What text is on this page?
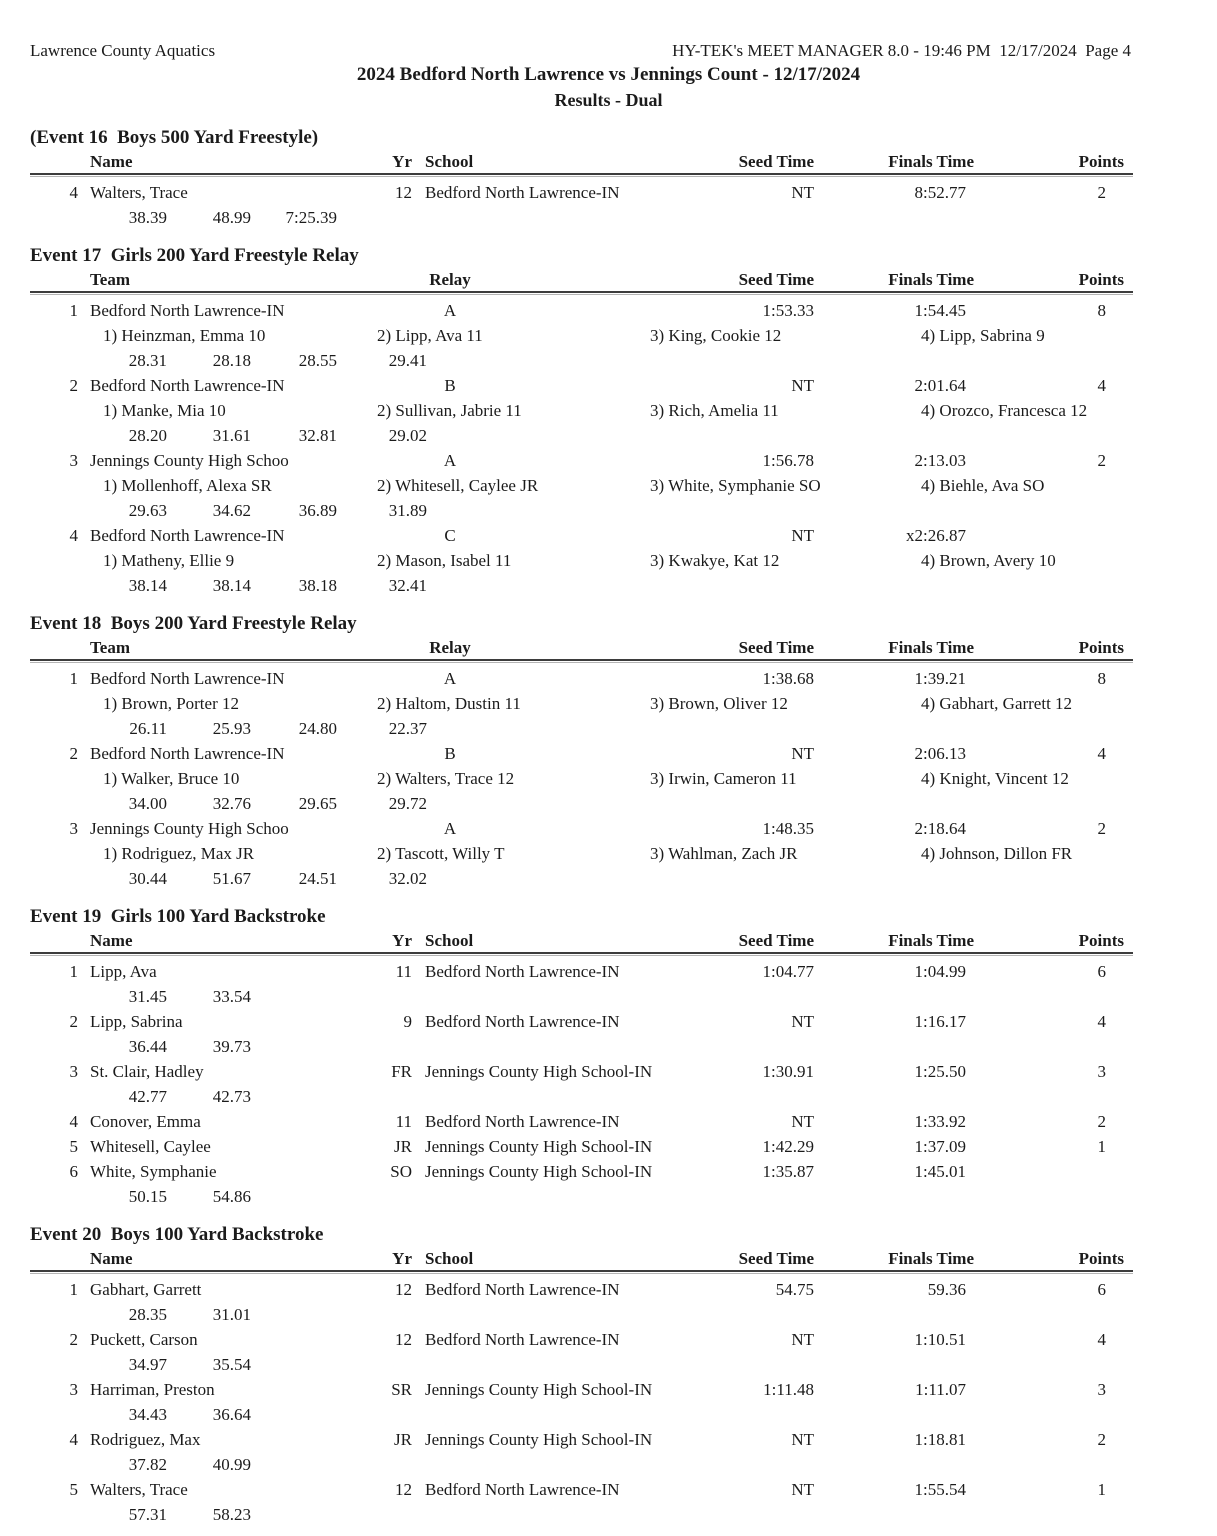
Lawrence County Aquatics	HY-TEK's MEET MANAGER 8.0 - 19:46 PM  12/17/2024  Page 4
2024 Bedford North Lawrence vs Jennings Count - 12/17/2024
Results - Dual
(Event 16  Boys 500 Yard Freestyle)
Name	Yr School	Seed Time	Finals Time	Points
4 Walters, Trace	12 Bedford North Lawrence-IN	NT	8:52.77	2
38.39	48.99	7:25.39
Event 17  Girls 200 Yard Freestyle Relay
Team	Relay	Seed Time	Finals Time	Points
1 Bedford North Lawrence-IN	A	1:53.33	1:54.45	8
1) Heinzman, Emma 10	2) Lipp, Ava 11	3) King, Cookie 12	4) Lipp, Sabrina 9
28.31	28.18	28.55	29.41
2 Bedford North Lawrence-IN	B	NT	2:01.64	4
1) Manke, Mia 10	2) Sullivan, Jabrie 11	3) Rich, Amelia 11	4) Orozco, Francesca 12
28.20	31.61	32.81	29.02
3 Jennings County High Schoo	A	1:56.78	2:13.03	2
1) Mollenhoff, Alexa SR	2) Whitesell, Caylee JR	3) White, Symphanie SO	4) Biehle, Ava SO
29.63	34.62	36.89	31.89
4 Bedford North Lawrence-IN	C	NT	x2:26.87
1) Matheny, Ellie 9	2) Mason, Isabel 11	3) Kwakye, Kat 12	4) Brown, Avery 10
38.14	38.14	38.18	32.41
Event 18  Boys 200 Yard Freestyle Relay
Team	Relay	Seed Time	Finals Time	Points
1 Bedford North Lawrence-IN	A	1:38.68	1:39.21	8
1) Brown, Porter 12	2) Haltom, Dustin 11	3) Brown, Oliver 12	4) Gabhart, Garrett 12
26.11	25.93	24.80	22.37
2 Bedford North Lawrence-IN	B	NT	2:06.13	4
1) Walker, Bruce 10	2) Walters, Trace 12	3) Irwin, Cameron 11	4) Knight, Vincent 12
34.00	32.76	29.65	29.72
3 Jennings County High Schoo	A	1:48.35	2:18.64	2
1) Rodriguez, Max JR	2) Tascott, Willy T	3) Wahlman, Zach JR	4) Johnson, Dillon FR
30.44	51.67	24.51	32.02
Event 19  Girls 100 Yard Backstroke
Name	Yr School	Seed Time	Finals Time	Points
1 Lipp, Ava	11 Bedford North Lawrence-IN	1:04.77	1:04.99	6
31.45	33.54
2 Lipp, Sabrina	9 Bedford North Lawrence-IN	NT	1:16.17	4
36.44	39.73
3 St. Clair, Hadley	FR Jennings County High School-IN	1:30.91	1:25.50	3
42.77	42.73
4 Conover, Emma	11 Bedford North Lawrence-IN	NT	1:33.92	2
5 Whitesell, Caylee	JR Jennings County High School-IN	1:42.29	1:37.09	1
6 White, Symphanie	SO Jennings County High School-IN	1:35.87	1:45.01
50.15	54.86
Event 20  Boys 100 Yard Backstroke
Name	Yr School	Seed Time	Finals Time	Points
1 Gabhart, Garrett	12 Bedford North Lawrence-IN	54.75	59.36	6
28.35	31.01
2 Puckett, Carson	12 Bedford North Lawrence-IN	NT	1:10.51	4
34.97	35.54
3 Harriman, Preston	SR Jennings County High School-IN	1:11.48	1:11.07	3
34.43	36.64
4 Rodriguez, Max	JR Jennings County High School-IN	NT	1:18.81	2
37.82	40.99
5 Walters, Trace	12 Bedford North Lawrence-IN	NT	1:55.54	1
57.31	58.23
